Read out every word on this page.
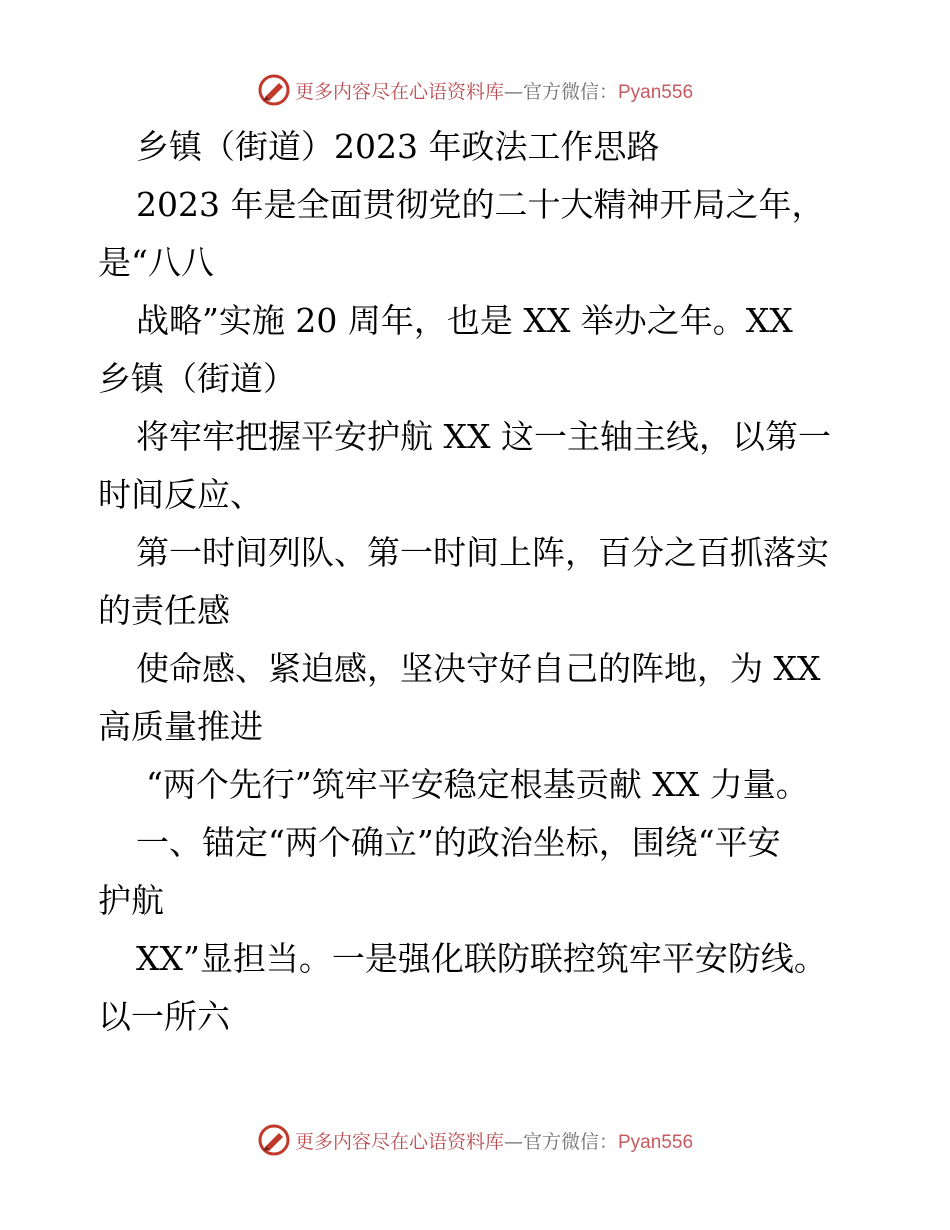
更多内容尽在心语资料库—官方微信：Pyan556
乡镇（街道）2023 年政法工作思路
2023 年是全面贯彻党的二十大精神开局之年，
是“八八
战略”实施 20 周年，也是 XX 举办之年。XX
乡镇（街道）
将牢牢把握平安护航 XX 这一主轴主线，以第一
时间反应、
第一时间列队、第一时间上阵，百分之百抓落实
的责任感
使命感、紧迫感，坚决守好自己的阵地，为 XX
高质量推进
“两个先行”筑牢平安稳定根基贡献 XX 力量。
一、锚定“两个确立”的政治坐标，围绕“平安
护航
XX”显担当。一是强化联防联控筑牢平安防线。
以一所六
更多内容尽在心语资料库—官方微信：Pyan556
